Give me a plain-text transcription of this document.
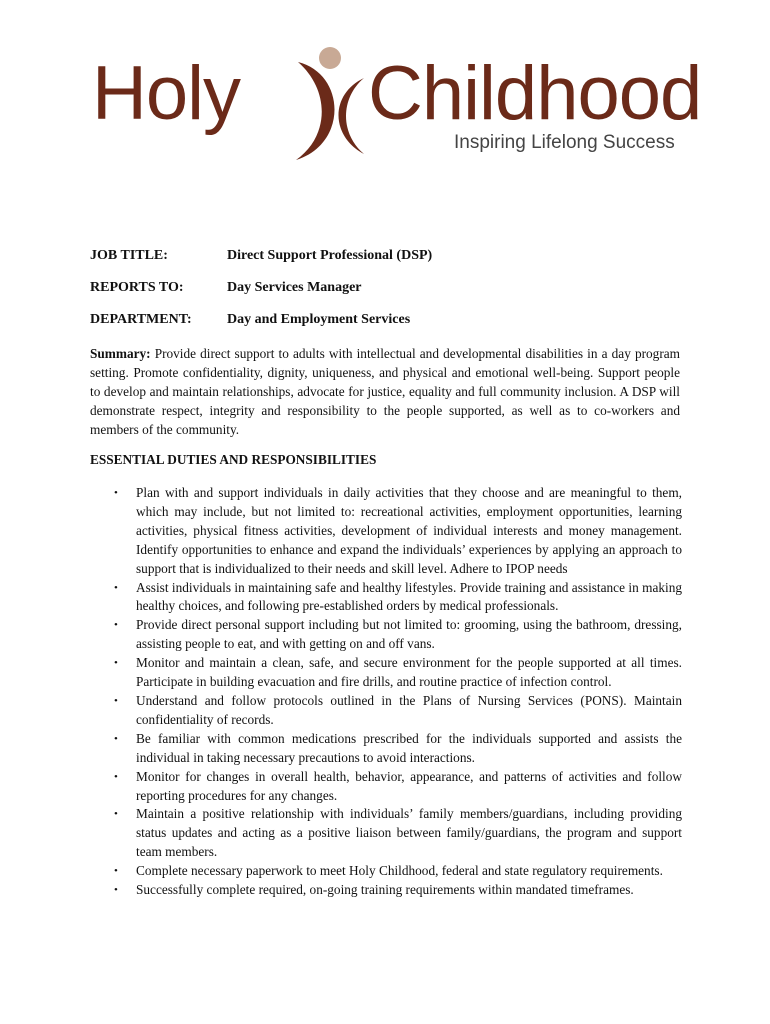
Holy Childhood
Inspiring Lifelong Success
JOB TITLE:	Direct Support Professional (DSP)
REPORTS TO:	Day Services Manager
DEPARTMENT:	Day and Employment Services
Summary: Provide direct support to adults with intellectual and developmental disabilities in a day program setting. Promote confidentiality, dignity, uniqueness, and physical and emotional well-being. Support people to develop and maintain relationships, advocate for justice, equality and full community inclusion. A DSP will demonstrate respect, integrity and responsibility to the people supported, as well as to co-workers and members of the community.
ESSENTIAL DUTIES AND RESPONSIBILITIES
• Plan with and support individuals in daily activities that they choose and are meaningful to them, which may include, but not limited to: recreational activities, employment opportunities, learning activities, physical fitness activities, development of individual interests and money management. Identify opportunities to enhance and expand the individuals’ experiences by applying an approach to support that is individualized to their needs and skill level. Adhere to IPOP needs
• Assist individuals in maintaining safe and healthy lifestyles. Provide training and assistance in making healthy choices, and following pre-established orders by medical professionals.
• Provide direct personal support including but not limited to: grooming, using the bathroom, dressing, assisting people to eat, and with getting on and off vans.
• Monitor and maintain a clean, safe, and secure environment for the people supported at all times. Participate in building evacuation and fire drills, and routine practice of infection control.
• Understand and follow protocols outlined in the Plans of Nursing Services (PONS). Maintain confidentiality of records.
• Be familiar with common medications prescribed for the individuals supported and assists the individual in taking necessary precautions to avoid interactions.
• Monitor for changes in overall health, behavior, appearance, and patterns of activities and follow reporting procedures for any changes.
• Maintain a positive relationship with individuals’ family members/guardians, including providing status updates and acting as a positive liaison between family/guardians, the program and support team members.
• Complete necessary paperwork to meet Holy Childhood, federal and state regulatory requirements.
• Successfully complete required, on-going training requirements within mandated timeframes.
